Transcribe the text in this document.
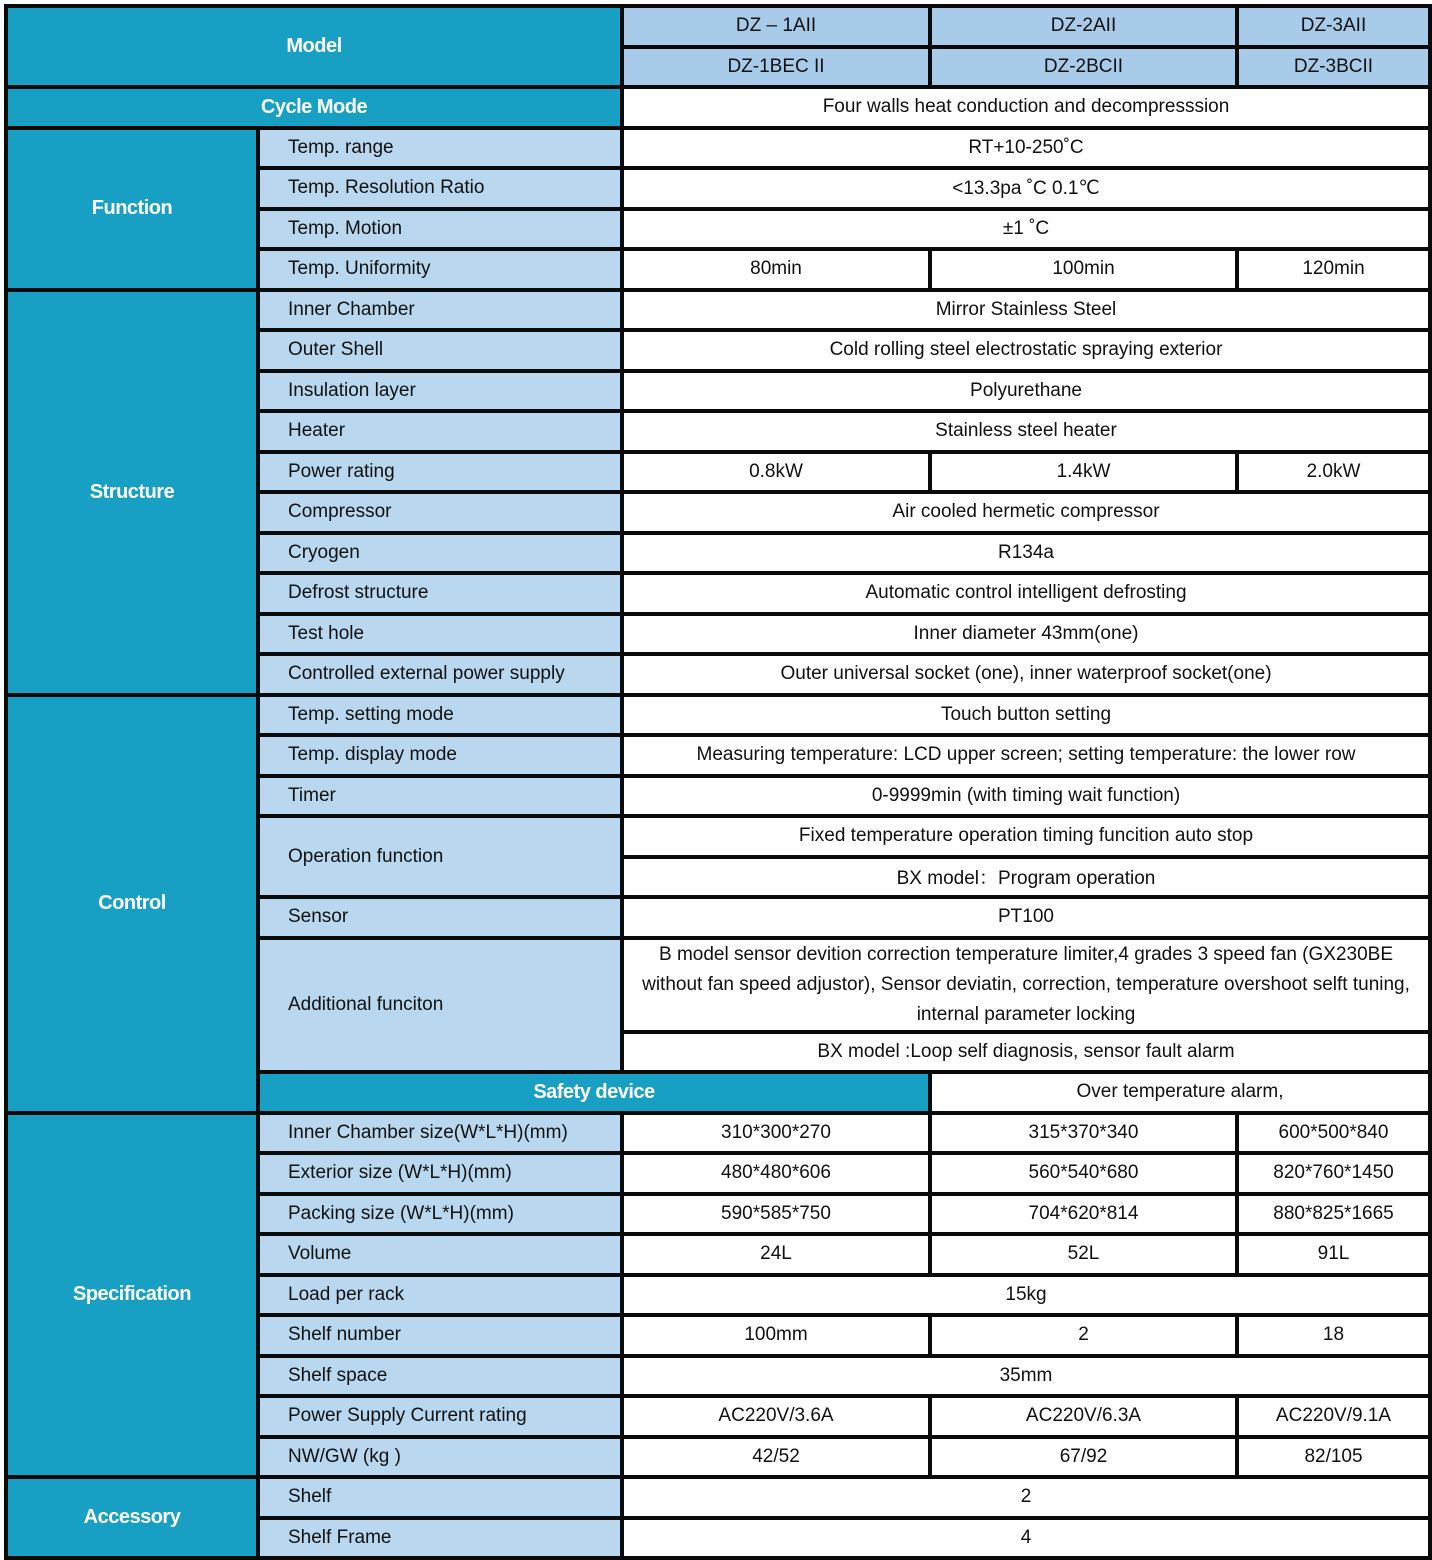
Model		DZ – 1AII	DZ-2AII	DZ-3AII
		DZ-1BEC II	DZ-2BCII	DZ-3BCII
Cycle Mode		Four walls heat conduction and decompresssion		
Function	Temp. range	RT+10-250˚C		
	Temp. Resolution Ratio	<13.3pa ˚C 0.1℃		
	Temp. Motion	±1 ˚C		
	Temp. Uniformity	80min	100min	120min
Structure	Inner Chamber	Mirror Stainless Steel		
	Outer Shell	Cold rolling steel electrostatic spraying exterior		
	Insulation layer	Polyurethane		
	Heater	Stainless steel heater		
	Power rating	0.8kW	1.4kW	2.0kW
	Compressor	Air cooled hermetic compressor		
	Cryogen	R134a		
	Defrost structure	Automatic control intelligent defrosting		
	Test hole	Inner diameter 43mm(one)		
	Controlled external power supply	Outer universal socket (one), inner waterproof socket(one)		
Control	Temp. setting mode	Touch button setting		
	Temp. display mode	Measuring temperature: LCD upper screen; setting temperature: the lower row		
	Timer	0-9999min (with timing wait function)		
	Operation function	Fixed temperature operation timing funcition auto stop		
		BX model：Program operation		
	Sensor	PT100		
	Additional funciton	B model sensor devition correction temperature limiter,4 grades 3 speed fan (GX230BE without fan speed adjustor), Sensor deviatin, correction, temperature overshoot selft tuning, internal parameter locking		
		BX model :Loop self diagnosis, sensor fault alarm		
	Safety device		Over temperature alarm,	
Specification	Inner Chamber size(W*L*H)(mm)	310*300*270	315*370*340	600*500*840
	Exterior size (W*L*H)(mm)	480*480*606	560*540*680	820*760*1450
	Packing size (W*L*H)(mm)	590*585*750	704*620*814	880*825*1665
	Volume	24L	52L	91L
	Load per rack	15kg		
	Shelf number	100mm	2	18
	Shelf space	35mm		
	Power Supply Current rating	AC220V/3.6A	AC220V/6.3A	AC220V/9.1A
	NW/GW (kg )	42/52	67/92	82/105
Accessory	Shelf	2		
	Shelf Frame	4		
